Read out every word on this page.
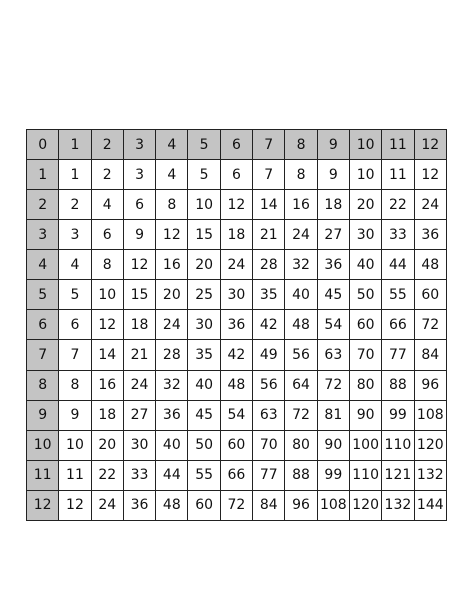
0	1	2	3	4	5	6	7	8	9	10	11	12
1	1	2	3	4	5	6	7	8	9	10	11	12
2	2	4	6	8	10	12	14	16	18	20	22	24
3	3	6	9	12	15	18	21	24	27	30	33	36
4	4	8	12	16	20	24	28	32	36	40	44	48
5	5	10	15	20	25	30	35	40	45	50	55	60
6	6	12	18	24	30	36	42	48	54	60	66	72
7	7	14	21	28	35	42	49	56	63	70	77	84
8	8	16	24	32	40	48	56	64	72	80	88	96
9	9	18	27	36	45	54	63	72	81	90	99	108
10	10	20	30	40	50	60	70	80	90	100	110	120
11	11	22	33	44	55	66	77	88	99	110	121	132
12	12	24	36	48	60	72	84	96	108	120	132	144
